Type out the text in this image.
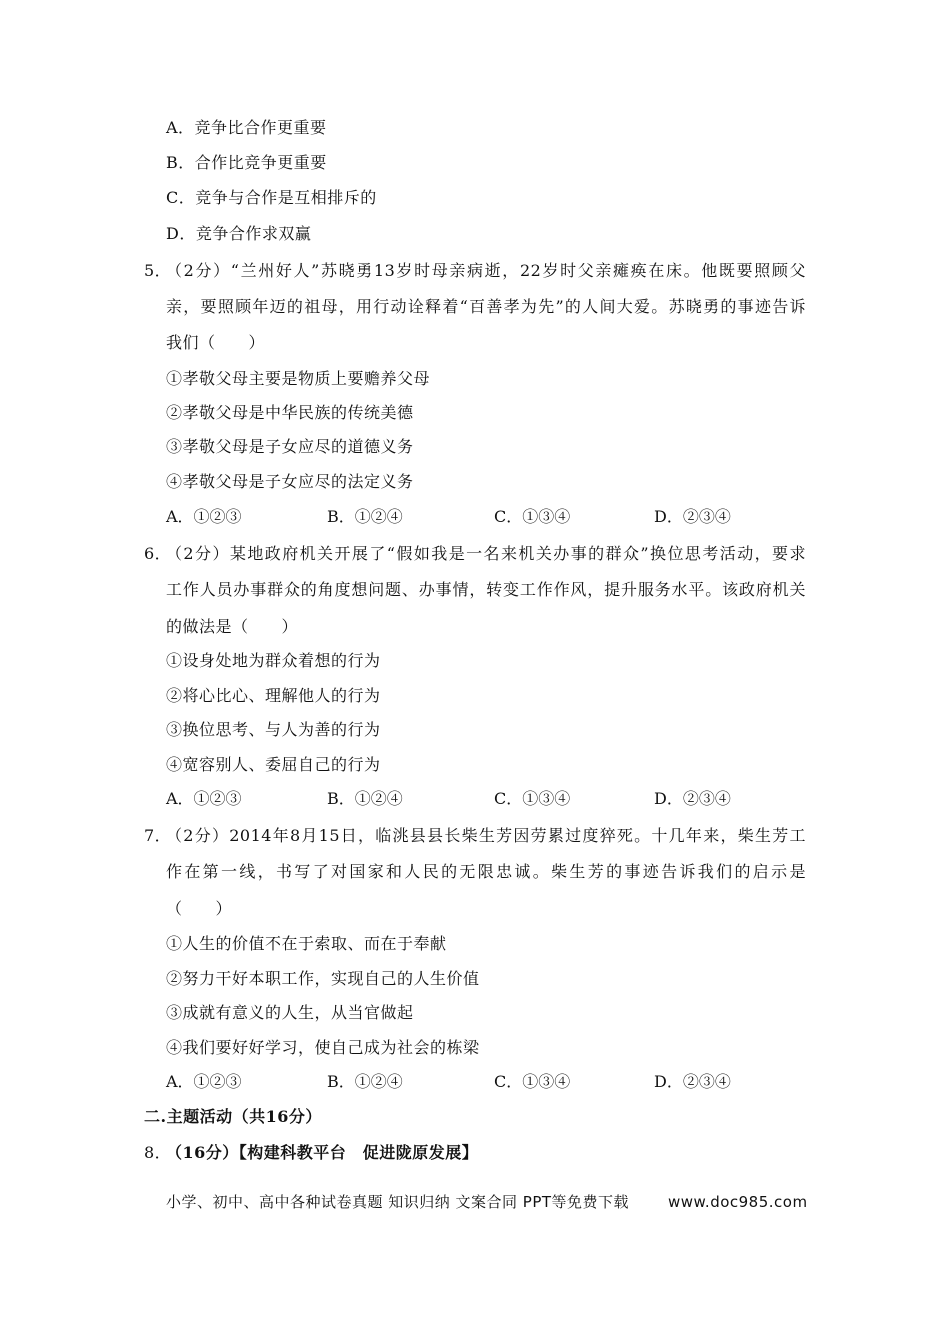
A．竞争比合作更重要
B．合作比竞争更重要
C．竞争与合作是互相排斥的
D．竞争合作求双赢
5．
（2分）“兰州好人”苏晓勇13岁时母亲病逝，22岁时父亲瘫痪在床。他既要照顾父
亲，要照顾年迈的祖母，用行动诠释着“百善孝为先”的人间大爱。苏晓勇的事迹告诉
我们（　　）
①孝敬父母主要是物质上要赡养父母
②孝敬父母是中华民族的传统美德
③孝敬父母是子女应尽的道德义务
④孝敬父母是子女应尽的法定义务
A．①②③	B．①②④	C．①③④	D．②③④
6．
（2分）某地政府机关开展了“假如我是一名来机关办事的群众”换位思考活动，要求
工作人员办事群众的角度想问题、办事情，转变工作作风，提升服务水平。该政府机关
的做法是（　　）
①设身处地为群众着想的行为
②将心比心、理解他人的行为
③换位思考、与人为善的行为
④宽容别人、委屈自己的行为
A．①②③	B．①②④	C．①③④	D．②③④
7．
（2分）2014年8月15日，临洮县县长柴生芳因劳累过度猝死。十几年来，柴生芳工
作在第一线，书写了对国家和人民的无限忠诚。柴生芳的事迹告诉我们的启示是
（　　）
①人生的价值不在于索取、而在于奉献
②努力干好本职工作，实现自己的人生价值
③成就有意义的人生，从当官做起
④我们要好好学习，使自己成为社会的栋梁
A．①②③	B．①②④	C．①③④	D．②③④
二.主题活动（共16分）
8．
（16分）【构建科教平台　促进陇原发展】
小学、初中、高中各种试卷真题 知识归纳 文案合同 PPT等免费下载	www.doc985.com
